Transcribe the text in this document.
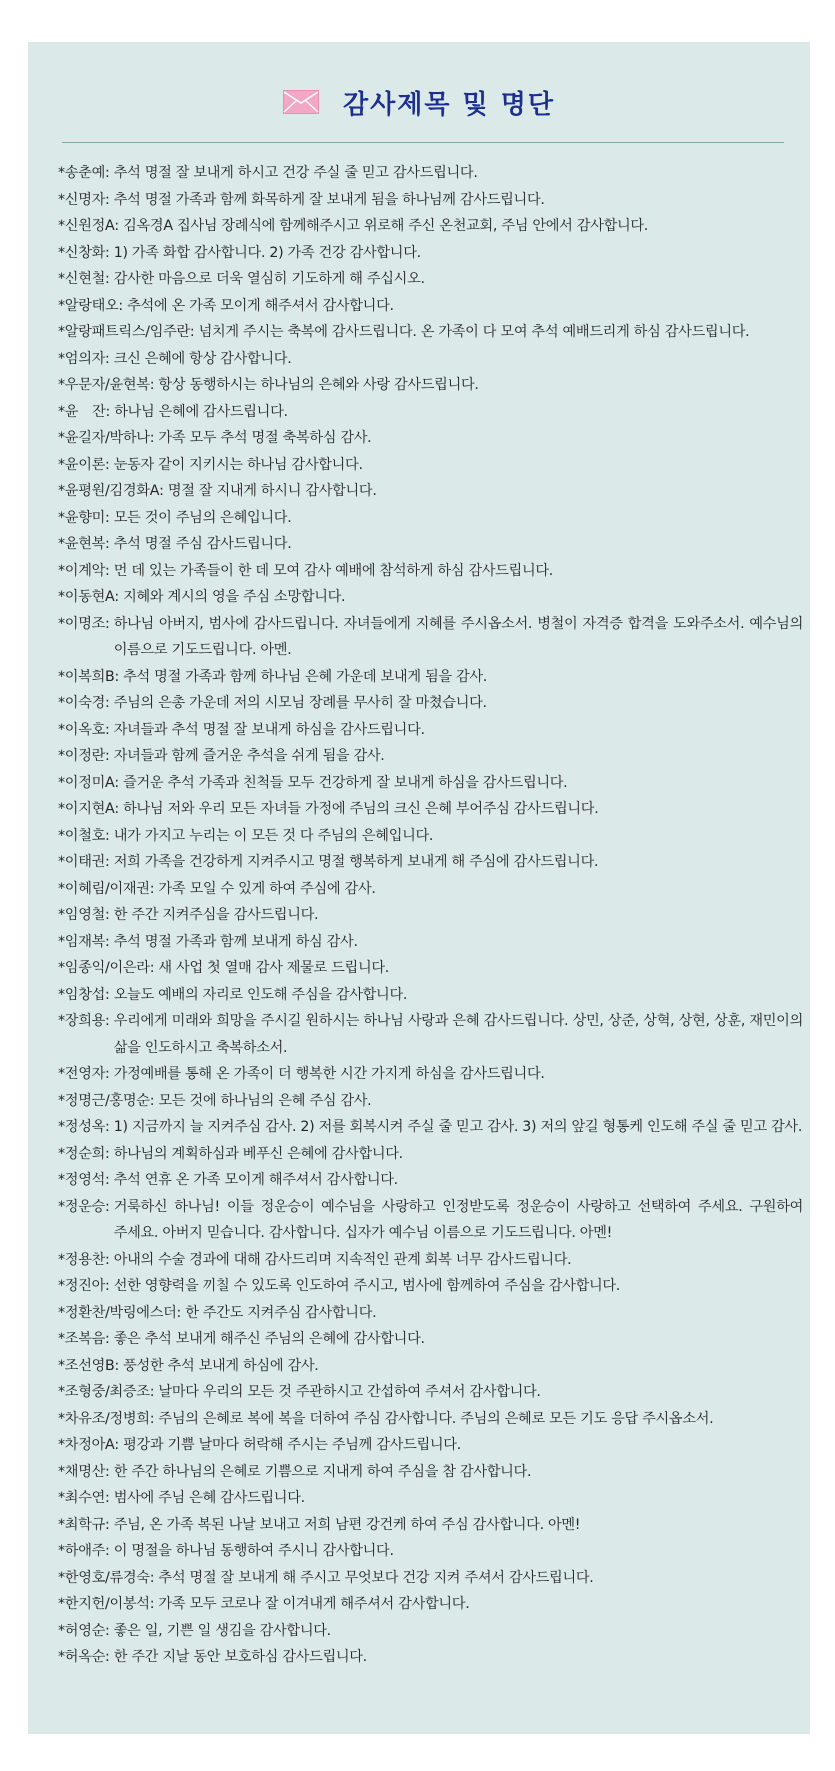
감사제목 및 명단
*송춘예 : 추석 명절 잘 보내게 하시고 건강 주실 줄 믿고 감사드립니다.
*신명자 : 추석 명절 가족과 함께 화목하게 잘 보내게 됨을 하나님께 감사드립니다.
*신원정A : 김옥경A 집사님 장례식에 함께해주시고 위로해 주신 온천교회, 주님 안에서 감사합니다.
*신창화 : 1) 가족 화합 감사합니다. 2) 가족 건강 감사합니다.
*신현철 : 감사한 마음으로 더욱 열심히 기도하게 해 주십시오.
*알랑태오 : 추석에 온 가족 모이게 해주셔서 감사합니다.
*알랑패트릭스/임주란 : 넘치게 주시는 축복에 감사드립니다. 온 가족이 다 모여 추석 예배드리게 하심 감사드립니다.
*엄의자 : 크신 은혜에 항상 감사합니다.
*우문자/윤현복 : 항상 동행하시는 하나님의 은혜와 사랑 감사드립니다.
*윤　잔 : 하나님 은혜에 감사드립니다.
*윤길자/박하나 : 가족 모두 추석 명절 축복하심 감사.
*윤이론 : 눈동자 같이 지키시는 하나님 감사합니다.
*윤평원/김경화A : 명절 잘 지내게 하시니 감사합니다.
*윤향미 : 모든 것이 주님의 은혜입니다.
*윤현복 : 추석 명절 주심 감사드립니다.
*이계악 : 먼 데 있는 가족들이 한 데 모여 감사 예배에 참석하게 하심 감사드립니다.
*이동현A : 지혜와 계시의 영을 주심 소망합니다.
*이명조 : 하나님 아버지, 범사에 감사드립니다. 자녀들에게 지혜를 주시옵소서. 병철이 자격증 합격을 도와주소서. 예수님의 이름으로 기도드립니다. 아멘.
*이복희B : 추석 명절 가족과 함께 하나님 은혜 가운데 보내게 됨을 감사.
*이숙경 : 주님의 은총 가운데 저의 시모님 장례를 무사히 잘 마쳤습니다.
*이옥호 : 자녀들과 추석 명절 잘 보내게 하심을 감사드립니다.
*이정란 : 자녀들과 함께 즐거운 추석을 쉬게 됨을 감사.
*이정미A : 즐거운 추석 가족과 친척들 모두 건강하게 잘 보내게 하심을 감사드립니다.
*이지현A : 하나님 저와 우리 모든 자녀들 가정에 주님의 크신 은혜 부어주심 감사드립니다.
*이철호 : 내가 가지고 누리는 이 모든 것 다 주님의 은혜입니다.
*이태권 : 저희 가족을 건강하게 지켜주시고 명절 행복하게 보내게 해 주심에 감사드립니다.
*이혜림/이재권 : 가족 모일 수 있게 하여 주심에 감사.
*임영철 : 한 주간 지켜주심을 감사드립니다.
*임재복 : 추석 명절 가족과 함께 보내게 하심 감사.
*임종익/이은라 : 새 사업 첫 열매 감사 제물로 드립니다.
*임창섭 : 오늘도 예배의 자리로 인도해 주심을 감사합니다.
*장희용 : 우리에게 미래와 희망을 주시길 원하시는 하나님 사랑과 은혜 감사드립니다. 상민, 상준, 상혁, 상현, 상훈, 재민이의 삶을 인도하시고 축복하소서.
*전영자 : 가정예배를 통해 온 가족이 더 행복한 시간 가지게 하심을 감사드립니다.
*정명근/홍명순 : 모든 것에 하나님의 은혜 주심 감사.
*정성옥 : 1) 지금까지 늘 지켜주심 감사. 2) 저를 회복시켜 주실 줄 믿고 감사. 3) 저의 앞길 형통케 인도해 주실 줄 믿고 감사.
*정순희 : 하나님의 계획하심과 베푸신 은혜에 감사합니다.
*정영석 : 추석 연휴 온 가족 모이게 해주셔서 감사합니다.
*정운승 : 거룩하신 하나님! 이들 정운승이 예수님을 사랑하고 인정받도록 정운승이 사랑하고 선택하여 주세요. 구원하여 주세요. 아버지 믿습니다. 감사합니다. 십자가 예수님 이름으로 기도드립니다. 아멘!
*정용찬 : 아내의 수술 경과에 대해 감사드리며 지속적인 관계 회복 너무 감사드립니다.
*정진아 : 선한 영향력을 끼칠 수 있도록 인도하여 주시고, 범사에 함께하여 주심을 감사합니다.
*정환찬/박링에스더 : 한 주간도 지켜주심 감사합니다.
*조복음 : 좋은 추석 보내게 해주신 주님의 은혜에 감사합니다.
*조선영B : 풍성한 추석 보내게 하심에 감사.
*조형중/최증조 : 날마다 우리의 모든 것 주관하시고 간섭하여 주셔서 감사합니다.
*차유조/정병희 : 주님의 은혜로 복에 복을 더하여 주심 감사합니다. 주님의 은혜로 모든 기도 응답 주시옵소서.
*차정아A : 평강과 기쁨 날마다 허락해 주시는 주님께 감사드립니다.
*채명산 : 한 주간 하나님의 은혜로 기쁨으로 지내게 하여 주심을 참 감사합니다.
*최수연 : 범사에 주님 은혜 감사드립니다.
*최학규 : 주님, 온 가족 복된 나날 보내고 저희 남편 강건케 하여 주심 감사합니다. 아멘!
*하애주 : 이 명절을 하나님 동행하여 주시니 감사합니다.
*한영호/류경숙 : 추석 명절 잘 보내게 해 주시고 무엇보다 건강 지켜 주셔서 감사드립니다.
*한지헌/이봉석 : 가족 모두 코로나 잘 이겨내게 해주셔서 감사합니다.
*허영순 : 좋은 일, 기쁜 일 생김을 감사합니다.
*허옥순 : 한 주간 지날 동안 보호하심 감사드립니다.
